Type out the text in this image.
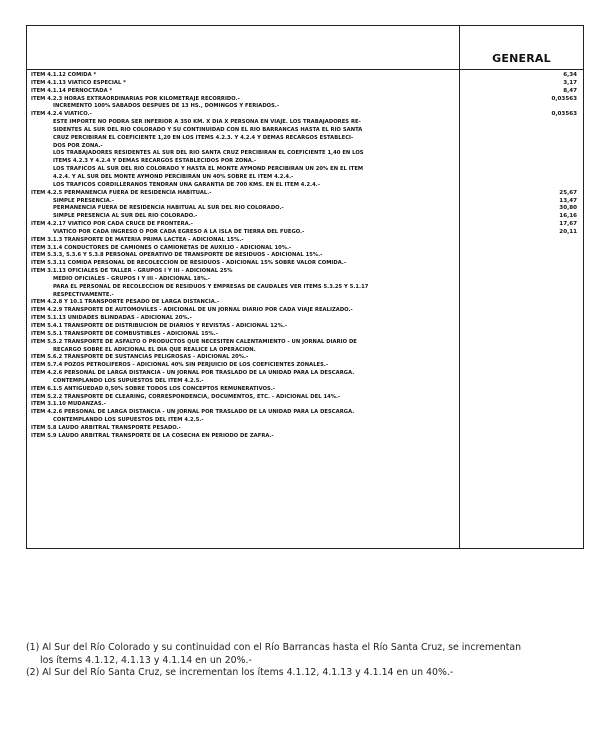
GENERAL
ITEM 4.1.12 COMIDA *	6,34
ITEM 4.1.13 VIATICO ESPECIAL *	3,17
ITEM 4.1.14 PERNOCTADA *	8,47
ITEM 4.2.3 HORAS EXTRAORDINARIAS POR KILOMETRAJE RECORRIDO.-	0,03563
INCREMENTO 100% SABADOS DESPUES DE 13 HS., DOMINGOS Y FERIADOS.-
ITEM 4.2.4 VIATICO.-	0,03563
ESTE IMPORTE NO PODRA SER INFERIOR A 350 KM. X DIA X PERSONA EN VIAJE. LOS TRABAJADORES RE-
SIDENTES AL SUR DEL RIO COLORADO Y SU CONTINUIDAD CON EL RIO BARRANCAS HASTA EL RIO SANTA
CRUZ PERCIBIRAN EL COEFICIENTE 1,20 EN LOS ITEMS 4.2.3. Y 4.2.4 Y DEMAS RECARGOS ESTABLECI-
DOS POR ZONA.-
LOS TRABAJADORES RESIDENTES AL SUR DEL RIO SANTA CRUZ PERCIBIRAN EL COEFICIENTE 1,40 EN LOS
ITEMS 4.2.3 Y 4.2.4 Y DEMAS RECARGOS ESTABLECIDOS POR ZONA.-
LOS TRAFICOS AL SUR DEL RIO COLORADO Y HASTA EL MONTE AYMOND PERCIBIRAN UN 20% EN EL ITEM
4.2.4. Y AL SUR DEL MONTE AYMOND PERCIBIRAN UN 40% SOBRE EL ITEM 4.2.4.-
LOS TRAFICOS CORDILLERANOS TENDRAN UNA GARANTIA DE 700 KMS. EN EL ITEM 4.2.4.-
ITEM 4.2.5 PERMANENCIA FUERA DE RESIDENCIA HABITUAL.-	25,67
SIMPLE PRESENCIA.-	13,47
PERMANENCIA FUERA DE RESIDENCIA HABITUAL AL SUR DEL RIO COLORADO.-	30,80
SIMPLE PRESENCIA AL SUR DEL RIO COLORADO.-	16,16
ITEM 4.2.17 VIATICO POR CADA CRUCE DE FRONTERA.-	17,67
VIATICO POR CADA INGRESO O POR CADA EGRESO A LA ISLA DE TIERRA DEL FUEGO.-	20,11
ITEM 3.1.3 TRANSPORTE DE MATERIA PRIMA LACTEA - ADICIONAL 15%.-
ITEM 3.1.4 CONDUCTORES DE CAMIONES O CAMIONETAS DE AUXILIO - ADICIONAL 10%.-
ITEM 5.3.3, 5.3.6 Y 5.3.8 PERSONAL OPERATIVO DE TRANSPORTE DE RESIDUOS - ADICIONAL 15%.-
ITEM 5.3.11 COMIDA PERSONAL DE RECOLECCION DE RESIDUOS - ADICIONAL 15% SOBRE VALOR COMIDA.-
ITEM 3.1.13 OFICIALES DE TALLER - GRUPOS I Y III - ADICIONAL 25%
MEDIO OFICIALES - GRUPOS I Y III - ADICIONAL 18%.-
PARA EL PERSONAL DE RECOLECCION DE RESIDUOS Y EMPRESAS DE CAUDALES VER ITEMS 5.3.25 Y 5.1.17
RESPECTIVAMENTE.-
ITEM 4.2.8 Y 10.1 TRANSPORTE PESADO DE LARGA DISTANCIA.-
ITEM 4.2.9 TRANSPORTE DE AUTOMOVILES - ADICIONAL DE UN JORNAL DIARIO POR CADA VIAJE REALIZADO.-
ITEM 5.1.13 UNIDADES BLINDADAS - ADICIONAL 20%.-
ITEM 5.4.1 TRANSPORTE DE DISTRIBUCION DE DIARIOS Y REVISTAS - ADICIONAL 12%.-
ITEM 5.5.1 TRANSPORTE DE COMBUSTIBLES - ADICIONAL 15%.-
ITEM 5.5.2 TRANSPORTE DE ASFALTO O PRODUCTOS QUE NECESITEN CALENTAMIENTO - UN JORNAL DIARIO DE
RECARGO SOBRE EL ADICIONAL EL DIA QUE REALICE LA OPERACION.
ITEM 5.6.2 TRANSPORTE DE SUSTANCIAS PELIGROSAS - ADICIONAL 20%.-
ITEM 5.7.4 POZOS PETROLIFEROS - ADICIONAL 40% SIN PERJUICIO DE LOS COEFICIENTES ZONALES.-
ITEM 4.2.6 PERSONAL DE LARGA DISTANCIA - UN JORNAL POR TRASLADO DE LA UNIDAD PARA LA DESCARGA.
CONTEMPLANDO LOS SUPUESTOS DEL ITEM 4.2.5.-
ITEM 6.1.5 ANTIGUEDAD 0,50% SOBRE TODOS LOS CONCEPTOS REMUNERATIVOS.-
ITEM 5.2.2 TRANSPORTE DE CLEARING, CORRESPONDENCIA, DOCUMENTOS, ETC. - ADICIONAL DEL 14%.-
ITEM 3.1.10 MUDANZAS.-
ITEM 4.2.6 PERSONAL DE LARGA DISTANCIA - UN JORNAL POR TRASLADO DE LA UNIDAD PARA LA DESCARGA.
CONTEMPLANDO LOS SUPUESTOS DEL ITEM 4.2.5.-
ITEM 5.8 LAUDO ARBITRAL TRANSPORTE PESADO.-
ITEM 5.9 LAUDO ARBITRAL TRANSPORTE DE LA COSECHA EN PERIODO DE ZAFRA.-
(1) Al Sur del Río Colorado y su continuidad con el Río Barrancas hasta el Río Santa Cruz, se incrementan
los ítems 4.1.12, 4.1.13 y 4.1.14 en un 20%.-
(2) Al Sur del Río Santa Cruz, se incrementan los ítems 4.1.12, 4.1.13 y 4.1.14 en un 40%.-
